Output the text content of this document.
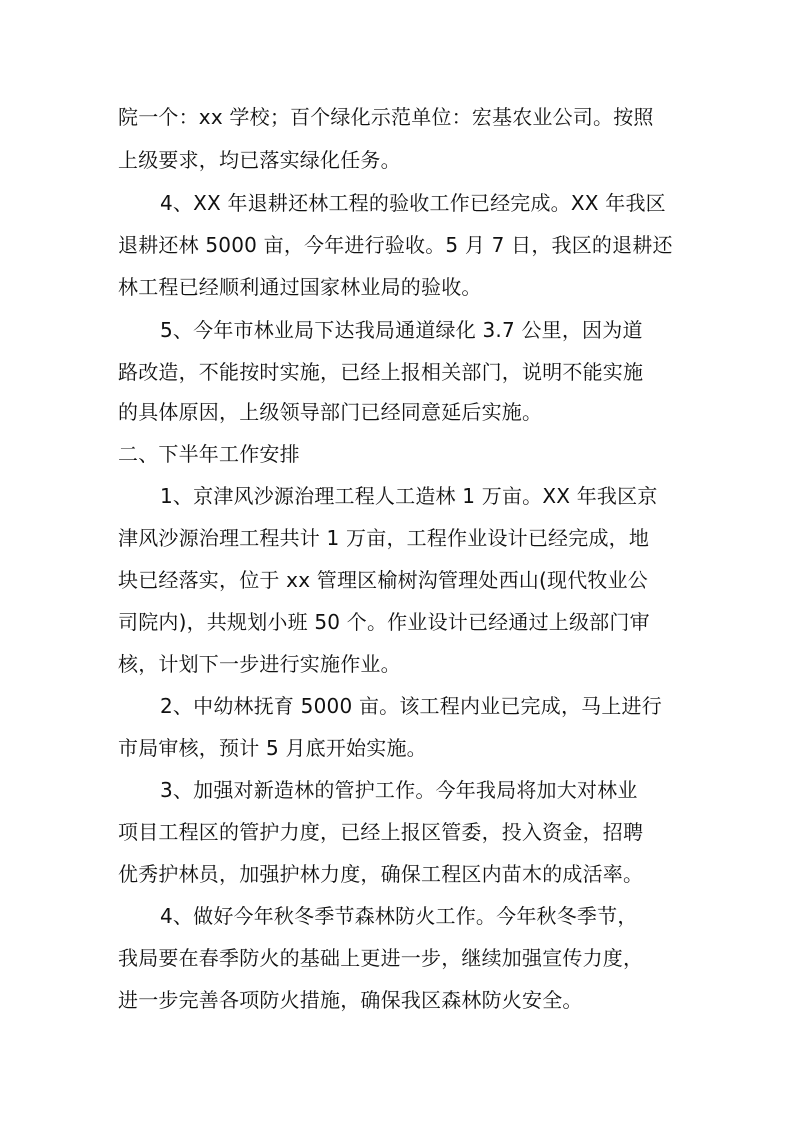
院一个：xx 学校；百个绿化示范单位：宏基农业公司。按照
上级要求，均已落实绿化任务。
4、XX 年退耕还林工程的验收工作已经完成。XX 年我区
退耕还林 5000 亩，今年进行验收。5 月 7 日，我区的退耕还
林工程已经顺利通过国家林业局的验收。
5、今年市林业局下达我局通道绿化 3.7 公里，因为道
路改造，不能按时实施，已经上报相关部门，说明不能实施
的具体原因，上级领导部门已经同意延后实施。
二、下半年工作安排
1、京津风沙源治理工程人工造林 1 万亩。XX 年我区京
津风沙源治理工程共计 1 万亩，工程作业设计已经完成，地
块已经落实，位于 xx 管理区榆树沟管理处西山(现代牧业公
司院内)，共规划小班 50 个。作业设计已经通过上级部门审
核，计划下一步进行实施作业。
2、中幼林抚育 5000 亩。该工程内业已完成，马上进行
市局审核，预计 5 月底开始实施。
3、加强对新造林的管护工作。今年我局将加大对林业
项目工程区的管护力度，已经上报区管委，投入资金，招聘
优秀护林员，加强护林力度，确保工程区内苗木的成活率。
4、做好今年秋冬季节森林防火工作。今年秋冬季节，
我局要在春季防火的基础上更进一步，继续加强宣传力度，
进一步完善各项防火措施，确保我区森林防火安全。
